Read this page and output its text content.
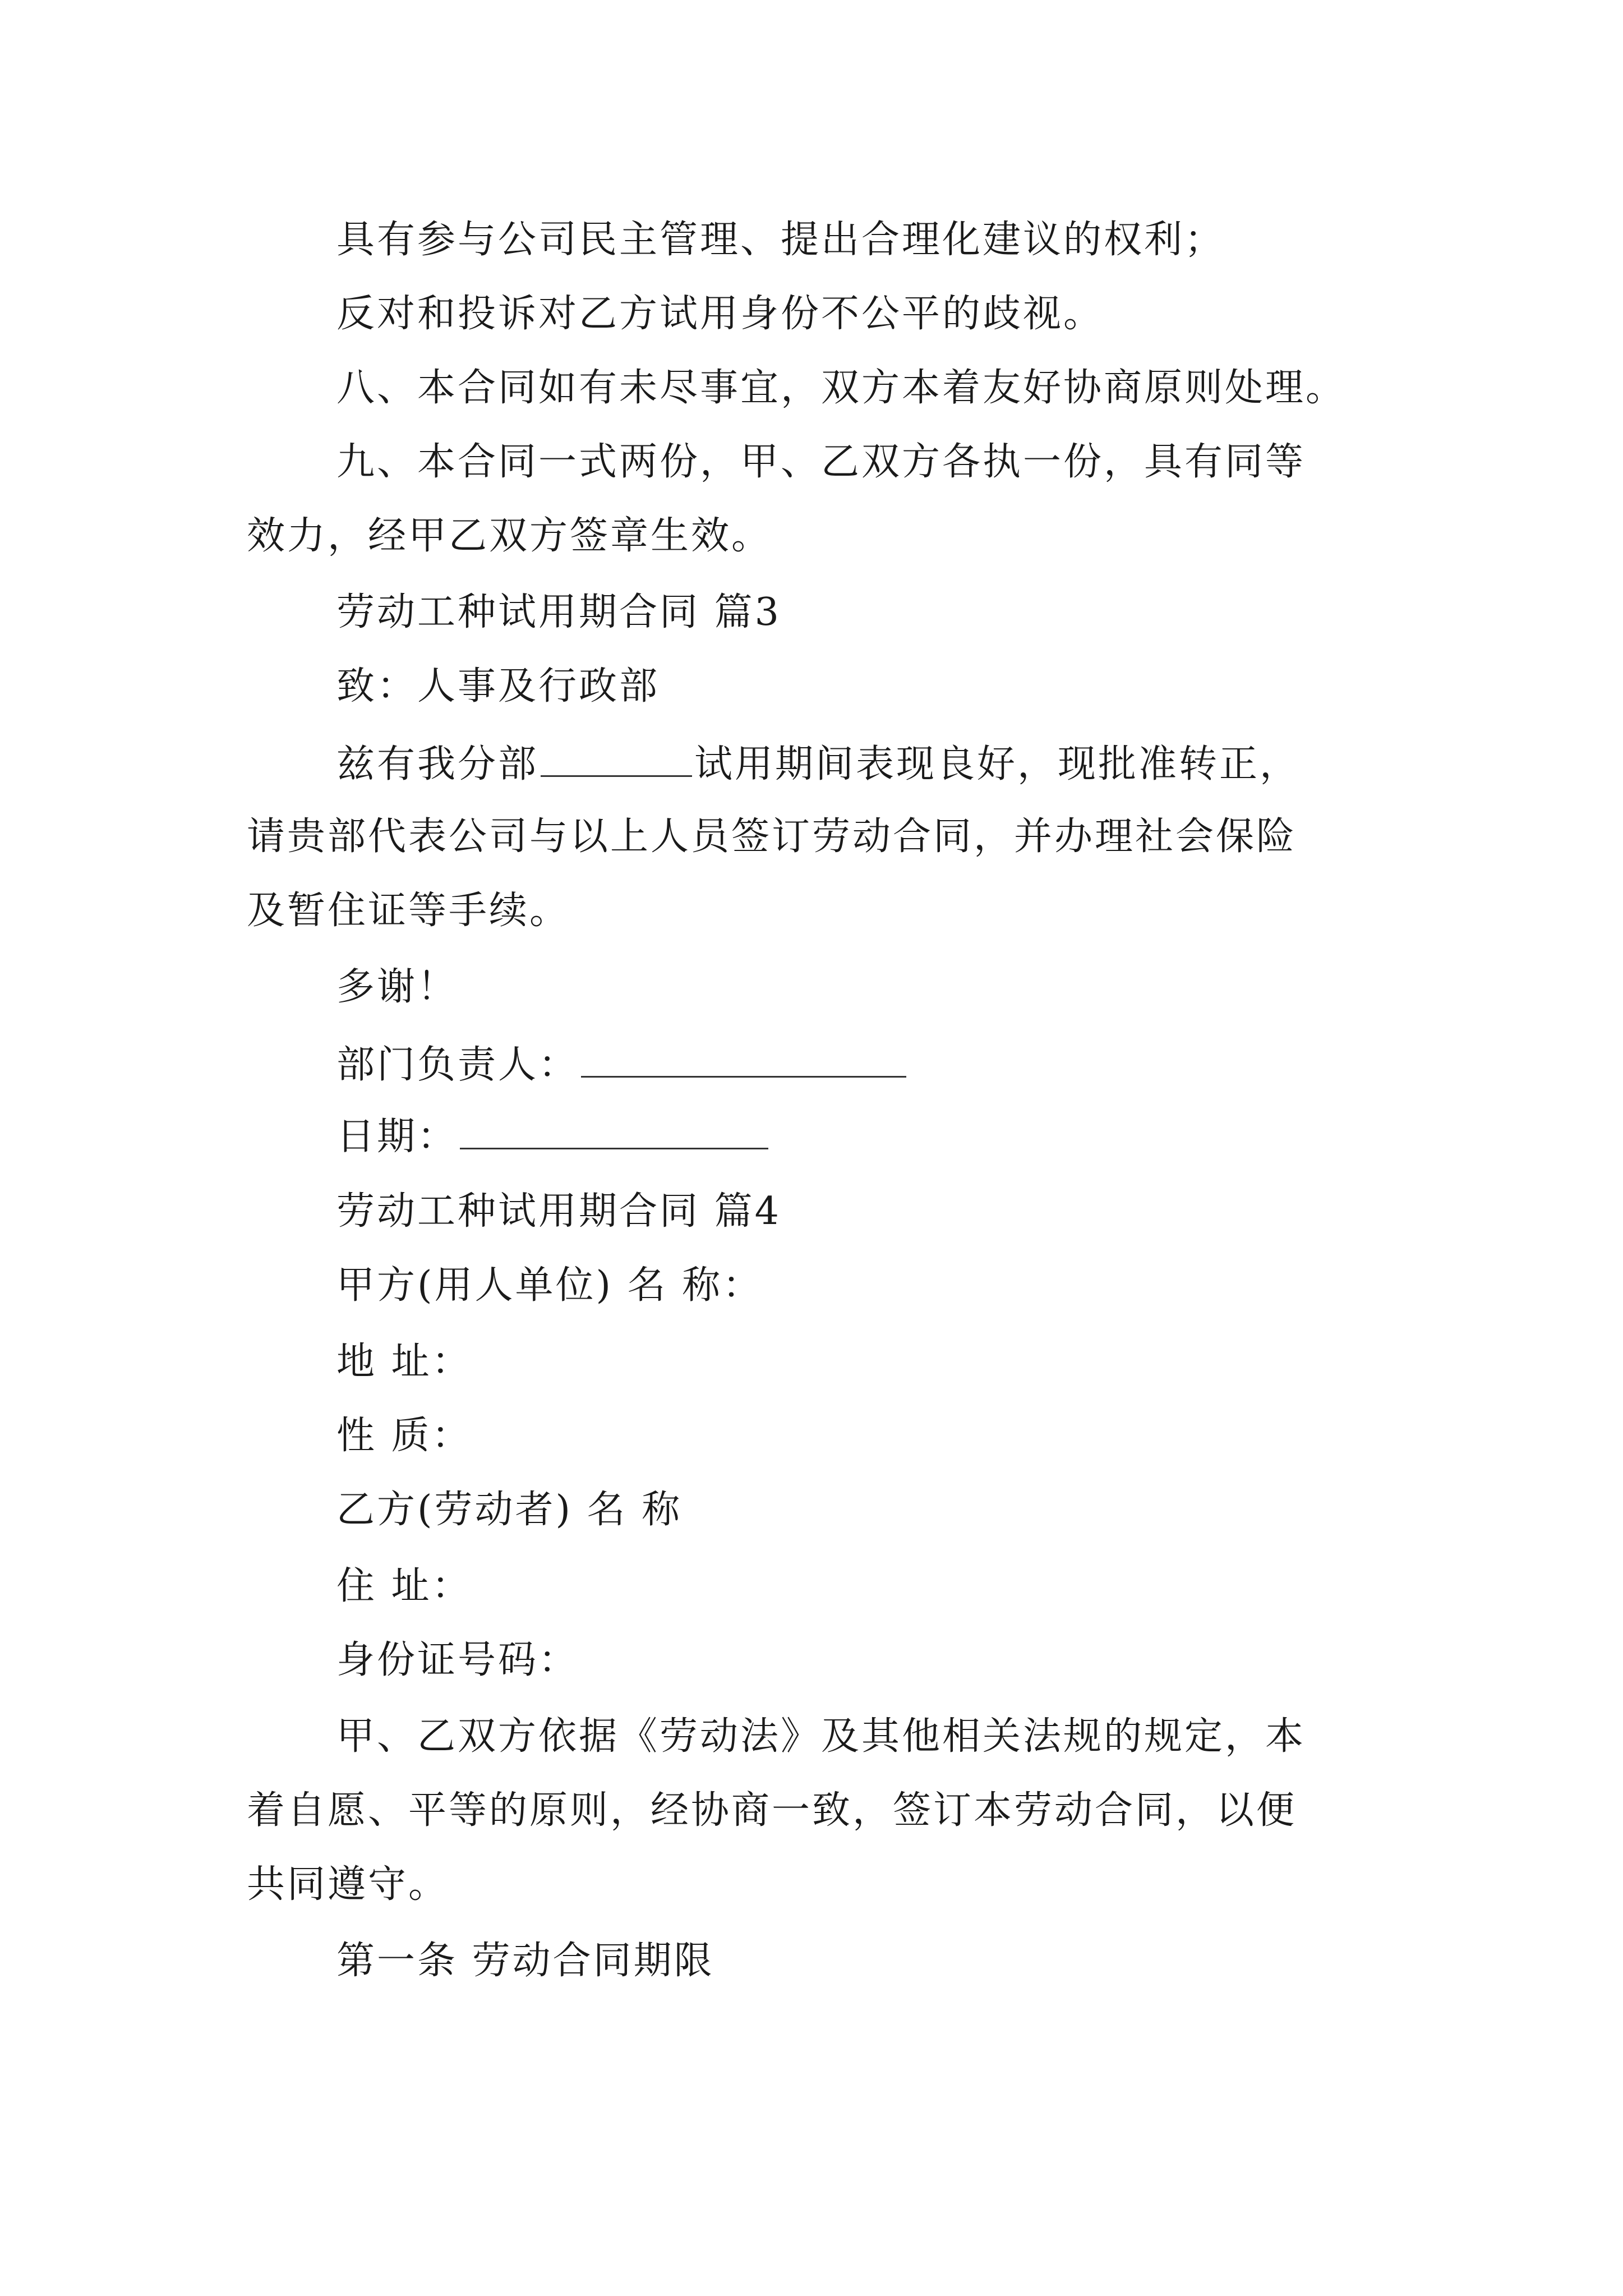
具有参与公司民主管理、提出合理化建议的权利；
反对和投诉对乙方试用身份不公平的歧视。
八、本合同如有未尽事宜，双方本着友好协商原则处理。
九、本合同一式两份，甲、乙双方各执一份，具有同等
效力，经甲乙双方签章生效。
劳动工种试用期合同 篇3
致：人事及行政部
兹有我分部	试用期间表现良好，现批准转正，
请贵部代表公司与以上人员签订劳动合同，并办理社会保险
及暂住证等手续。
多谢！
部门负责人：
日期：
劳动工种试用期合同 篇4
甲方(用人单位) 名 称：
地 址：
性 质：
乙方(劳动者) 名 称
住 址：
身份证号码：
甲、乙双方依据《劳动法》及其他相关法规的规定，本
着自愿、平等的原则，经协商一致，签订本劳动合同，以便
共同遵守。
第一条 劳动合同期限
